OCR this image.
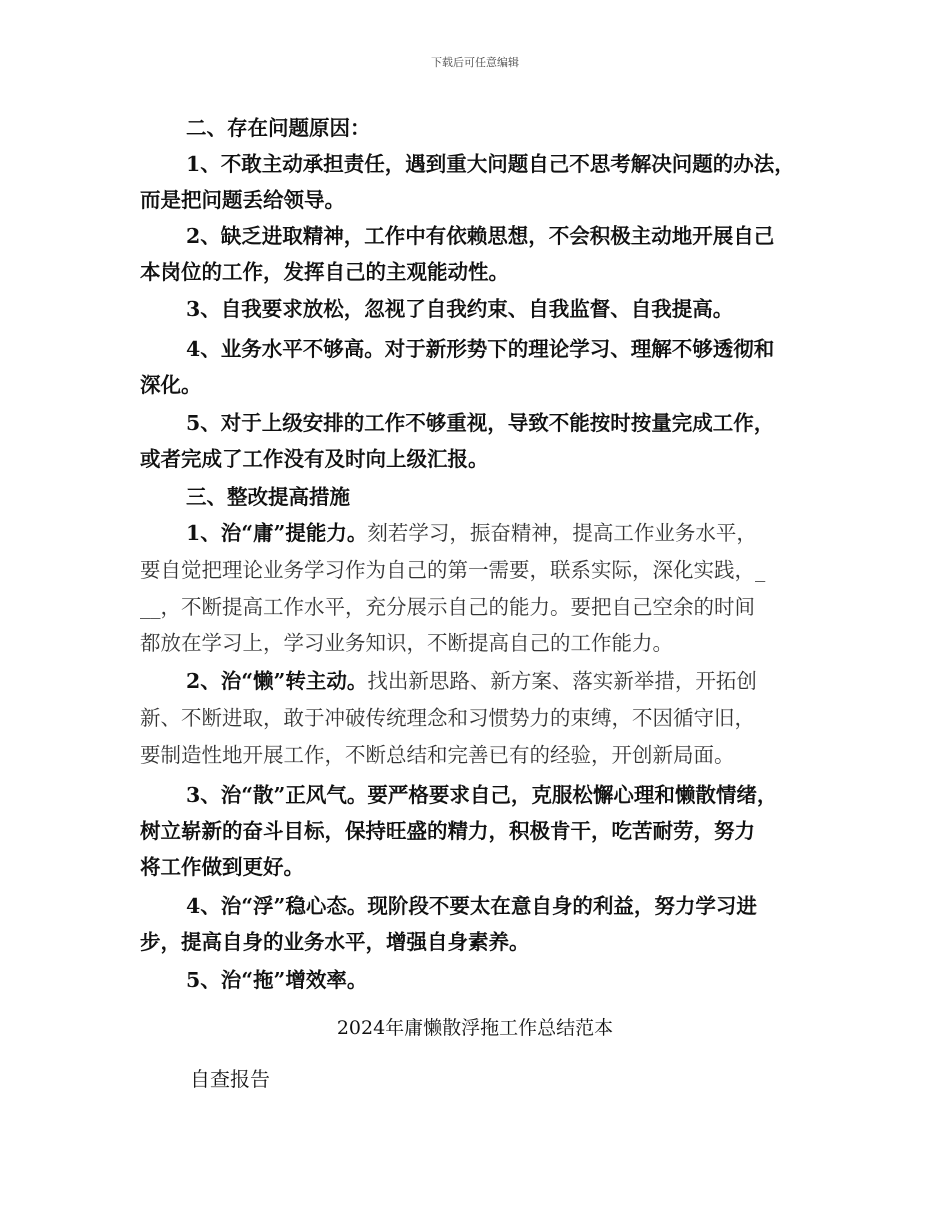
下载后可任意编辑
二、存在问题原因：
1、不敢主动承担责任，遇到重大问题自己不思考解决问题的办法，
而是把问题丢给领导。
2、缺乏进取精神，工作中有依赖思想，不会积极主动地开展自己
本岗位的工作，发挥自己的主观能动性。
3、自我要求放松，忽视了自我约束、自我监督、自我提高。
4、业务水平不够高。对于新形势下的理论学习、理解不够透彻和
深化。
5、对于上级安排的工作不够重视，导致不能按时按量完成工作，
或者完成了工作没有及时向上级汇报。
三、整改提高措施
1、治“庸”提能力。刻若学习，振奋精神，提高工作业务水平，
要自觉把理论业务学习作为自己的第一需要，联系实际，深化实践，_
__，不断提高工作水平，充分展示自己的能力。要把自己空余的时间
都放在学习上，学习业务知识，不断提高自己的工作能力。
2、治“懒”转主动。找出新思路、新方案、落实新举措，开拓创
新、不断进取，敢于冲破传统理念和习惯势力的束缚，不因循守旧，
要制造性地开展工作，不断总结和完善已有的经验，开创新局面。
3、治“散”正风气。要严格要求自己，克服松懈心理和懒散情绪，
树立崭新的奋斗目标，保持旺盛的精力，积极肯干，吃苦耐劳，努力
将工作做到更好。
4、治“浮”稳心态。现阶段不要太在意自身的利益，努力学习进
步，提高自身的业务水平，增强自身素养。
5、治“拖”增效率。
2024年庸懒散浮拖工作总结范本
自查报告
